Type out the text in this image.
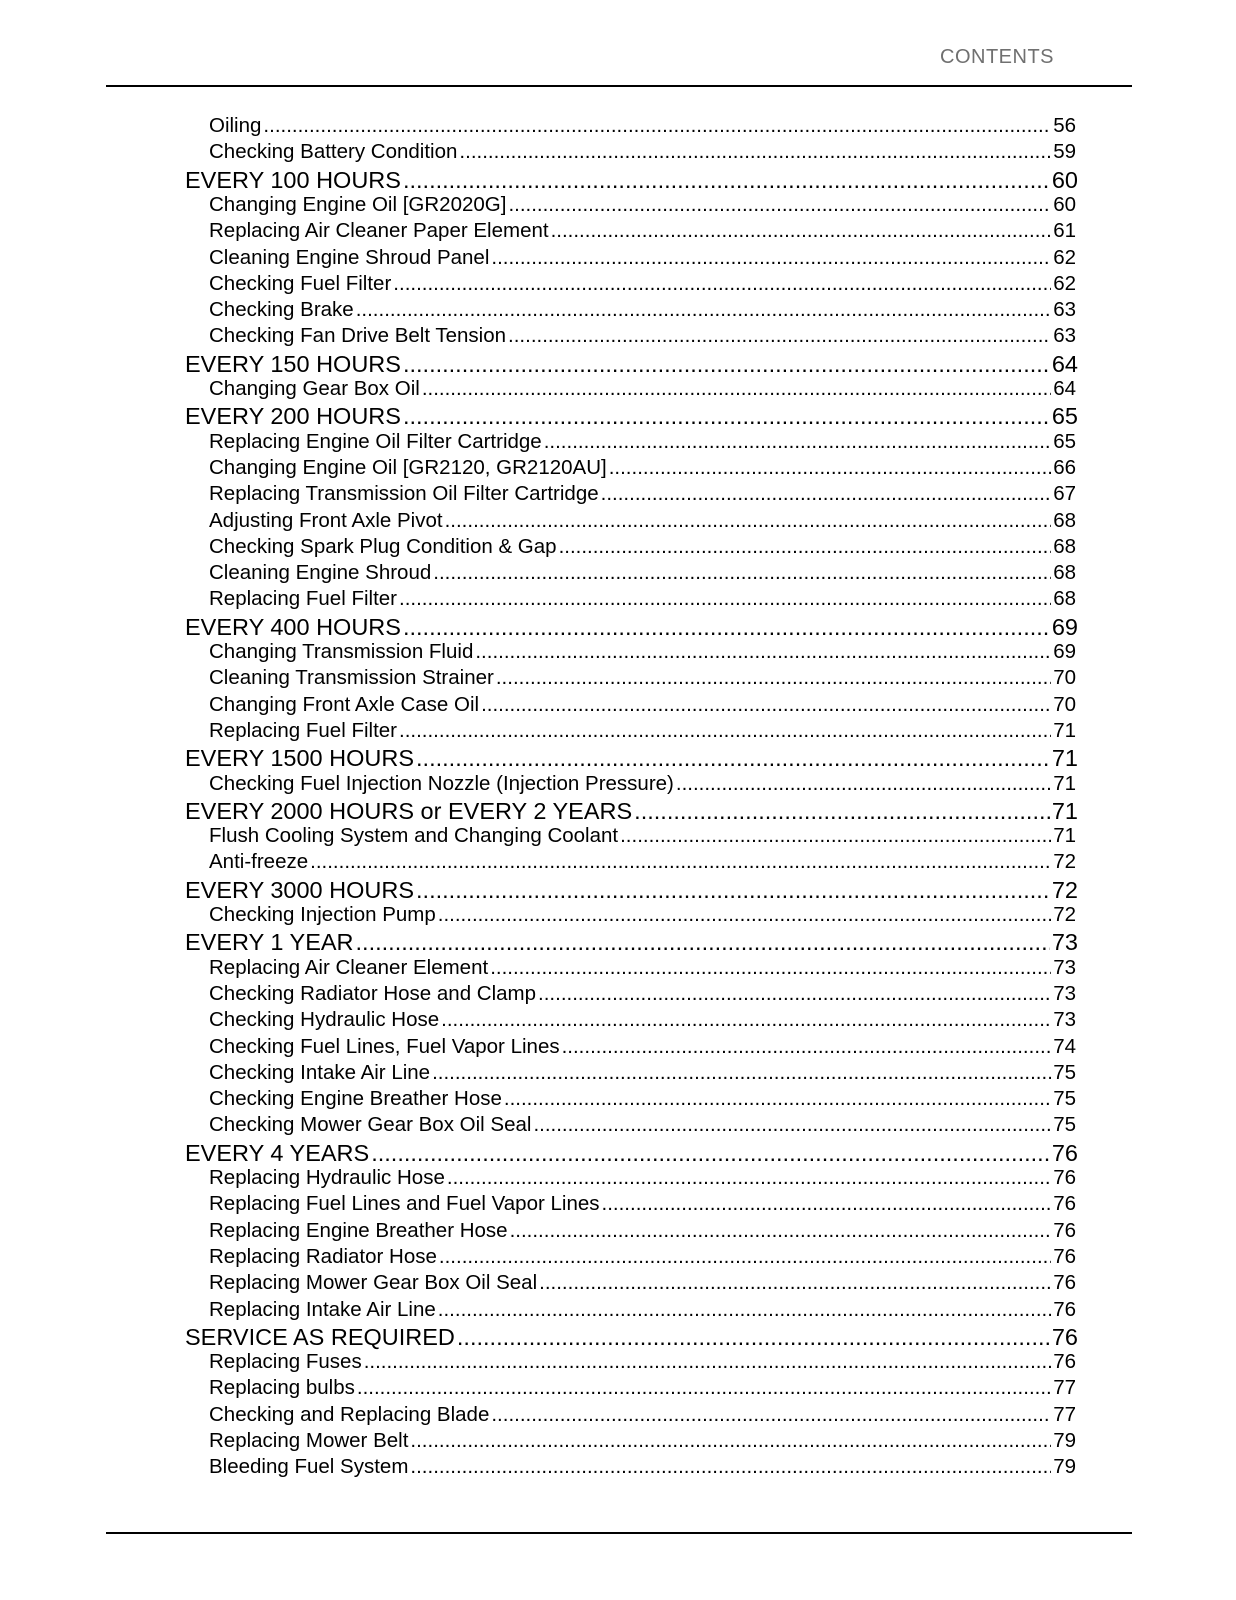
CONTENTS
Oiling .....	56
Checking Battery Condition .....	59
EVERY 100 HOURS .....	60
Changing Engine Oil [GR2020G] .....	60
Replacing Air Cleaner Paper Element .....	61
Cleaning Engine Shroud Panel .....	62
Checking Fuel Filter .....	62
Checking Brake .....	63
Checking Fan Drive Belt Tension .....	63
EVERY 150 HOURS .....	64
Changing Gear Box Oil .....	64
EVERY 200 HOURS .....	65
Replacing Engine Oil Filter Cartridge .....	65
Changing Engine Oil [GR2120, GR2120AU] .....	66
Replacing Transmission Oil Filter Cartridge .....	67
Adjusting Front Axle Pivot .....	68
Checking Spark Plug Condition & Gap .....	68
Cleaning Engine Shroud .....	68
Replacing Fuel Filter .....	68
EVERY 400 HOURS .....	69
Changing Transmission Fluid .....	69
Cleaning Transmission Strainer .....	70
Changing Front Axle Case Oil .....	70
Replacing Fuel Filter .....	71
EVERY 1500 HOURS .....	71
Checking Fuel Injection Nozzle (Injection Pressure) .....	71
EVERY 2000 HOURS or EVERY 2 YEARS .....	71
Flush Cooling System and Changing Coolant .....	71
Anti-freeze .....	72
EVERY 3000 HOURS .....	72
Checking Injection Pump .....	72
EVERY 1 YEAR .....	73
Replacing Air Cleaner Element .....	73
Checking Radiator Hose and Clamp .....	73
Checking Hydraulic Hose .....	73
Checking Fuel Lines, Fuel Vapor Lines .....	74
Checking Intake Air Line .....	75
Checking Engine Breather Hose .....	75
Checking Mower Gear Box Oil Seal .....	75
EVERY 4 YEARS .....	76
Replacing Hydraulic Hose .....	76
Replacing Fuel Lines and Fuel Vapor Lines .....	76
Replacing Engine Breather Hose .....	76
Replacing Radiator Hose .....	76
Replacing Mower Gear Box Oil Seal .....	76
Replacing Intake Air Line .....	76
SERVICE AS REQUIRED .....	76
Replacing Fuses .....	76
Replacing bulbs .....	77
Checking and Replacing Blade .....	77
Replacing Mower Belt .....	79
Bleeding Fuel System .....	79
